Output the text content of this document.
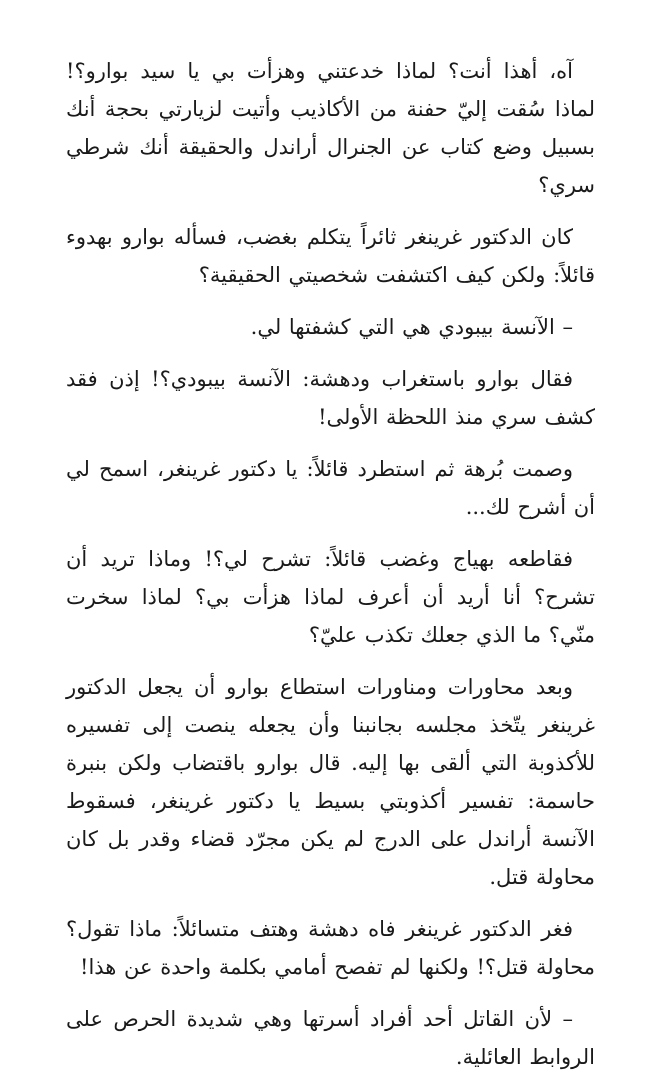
آه، أهذا أنت؟ لماذا خدعتني وهزأت بي يا سيد بوارو؟! لماذا سُقت إليّ حفنة من الأكاذيب وأتيت لزيارتي بحجة أنك بسبيل وضع كتاب عن الجنرال أراندل والحقيقة أنك شرطي سري؟

كان الدكتور غرينغر ثائراً يتكلم بغضب، فسأله بوارو بهدوء قائلاً: ولكن كيف اكتشفت شخصيتي الحقيقية؟

– الآنسة بيبودي هي التي كشفتها لي.

فقال بوارو باستغراب ودهشة: الآنسة بيبودي؟! إذن فقد كشف سري منذ اللحظة الأولى!

وصمت بُرهة ثم استطرد قائلاً: يا دكتور غرينغر، اسمح لي أن أشرح لك...

فقاطعه بهياج وغضب قائلاً: تشرح لي؟! وماذا تريد أن تشرح؟ أنا أريد أن أعرف لماذا هزأت بي؟ لماذا سخرت منّي؟ ما الذي جعلك تكذب عليّ؟

وبعد محاورات ومناورات استطاع بوارو أن يجعل الدكتور غرينغر يتّخذ مجلسه بجانبنا وأن يجعله ينصت إلى تفسيره للأكذوبة التي ألقى بها إليه. قال بوارو باقتضاب ولكن بنبرة حاسمة: تفسير أكذوبتي بسيط يا دكتور غرينغر، فسقوط الآنسة أراندل على الدرج لم يكن مجرّد قضاء وقدر بل كان محاولة قتل.

فغر الدكتور غرينغر فاه دهشة وهتف متسائلاً: ماذا تقول؟ محاولة قتل؟! ولكنها لم تفصح أمامي بكلمة واحدة عن هذا!

– لأن القاتل أحد أفراد أسرتها وهي شديدة الحرص على الروابط العائلية.
